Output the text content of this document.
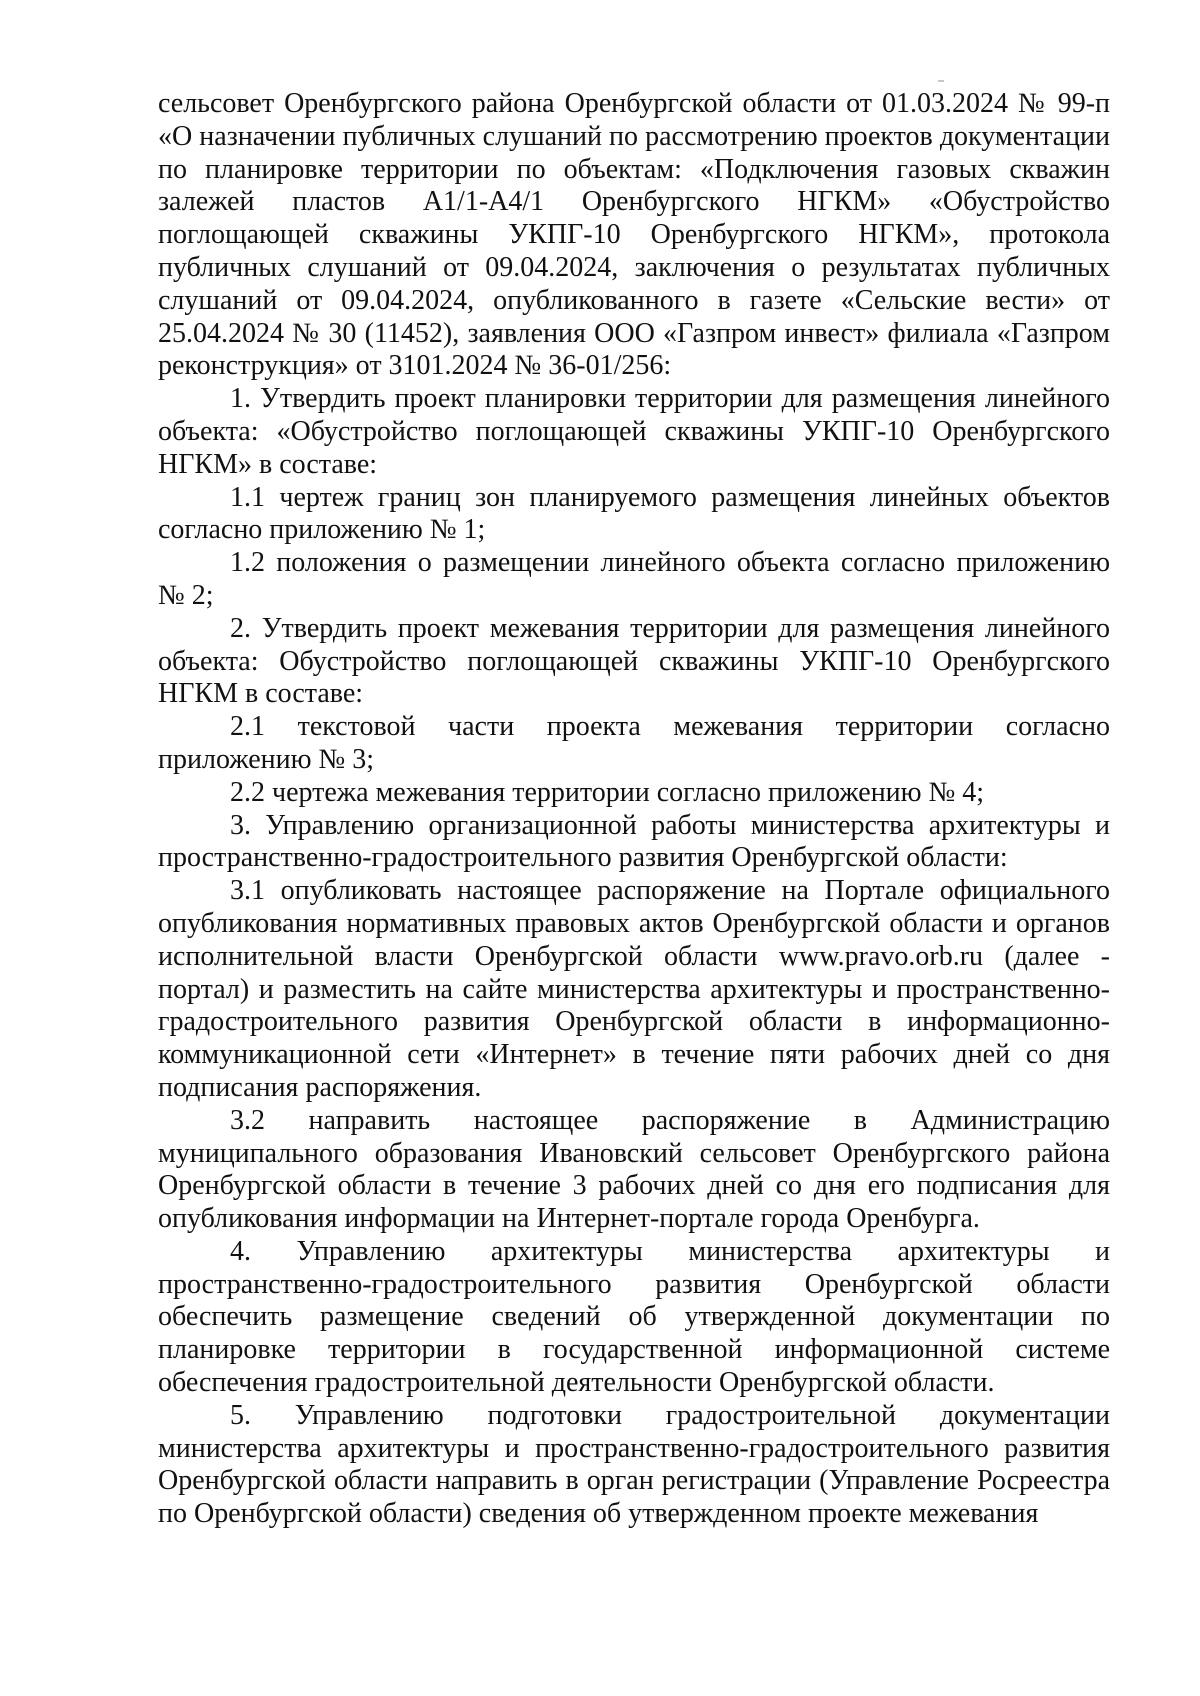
сельсовет Оренбургского района Оренбургской области от 01.03.2024 № 99-п «О назначении публичных слушаний по рассмотрению проектов документации по планировке территории по объектам: «Подключения газовых скважин залежей пластов А1/1-А4/1 Оренбургского НГКМ» «Обустройство поглощающей скважины УКПГ-10 Оренбургского НГКМ», протокола публичных слушаний от 09.04.2024, заключения о результатах публичных слушаний от 09.04.2024, опубликованного в газете «Сельские вести» от 25.04.2024 № 30 (11452), заявления ООО «Газпром инвест» филиала «Газпром реконструкция» от 3101.2024 № 36-01/256:

1. Утвердить проект планировки территории для размещения линейного объекта: «Обустройство поглощающей скважины УКПГ-10 Оренбургского НГКМ» в составе:

1.1 чертеж границ зон планируемого размещения линейных объектов согласно приложению № 1;

1.2 положения о размещении линейного объекта согласно приложению № 2;

2. Утвердить проект межевания территории для размещения линейного объекта: Обустройство поглощающей скважины УКПГ-10 Оренбургского НГКМ в составе:

2.1 текстовой части проекта межевания территории согласно приложению № 3;

2.2 чертежа межевания территории согласно приложению № 4;

3. Управлению организационной работы министерства архитектуры и пространственно-градостроительного развития Оренбургской области:

3.1 опубликовать настоящее распоряжение на Портале официального опубликования нормативных правовых актов Оренбургской области и органов исполнительной власти Оренбургской области www.pravo.orb.ru (далее - портал) и разместить на сайте министерства архитектуры и пространственно-градостроительного развития Оренбургской области в информационно-коммуникационной сети «Интернет» в течение пяти рабочих дней со дня подписания распоряжения.

3.2 направить настоящее распоряжение в Администрацию муниципального образования Ивановский сельсовет Оренбургского района Оренбургской области в течение 3 рабочих дней со дня его подписания для опубликования информации на Интернет-портале города Оренбурга.

4. Управлению архитектуры министерства архитектуры и пространственно-градостроительного развития Оренбургской области обеспечить размещение сведений об утвержденной документации по планировке территории в государственной информационной системе обеспечения градостроительной деятельности Оренбургской области.

5. Управлению подготовки градостроительной документации министерства архитектуры и пространственно-градостроительного развития Оренбургской области направить в орган регистрации (Управление Росреестра по Оренбургской области) сведения об утвержденном проекте межевания
